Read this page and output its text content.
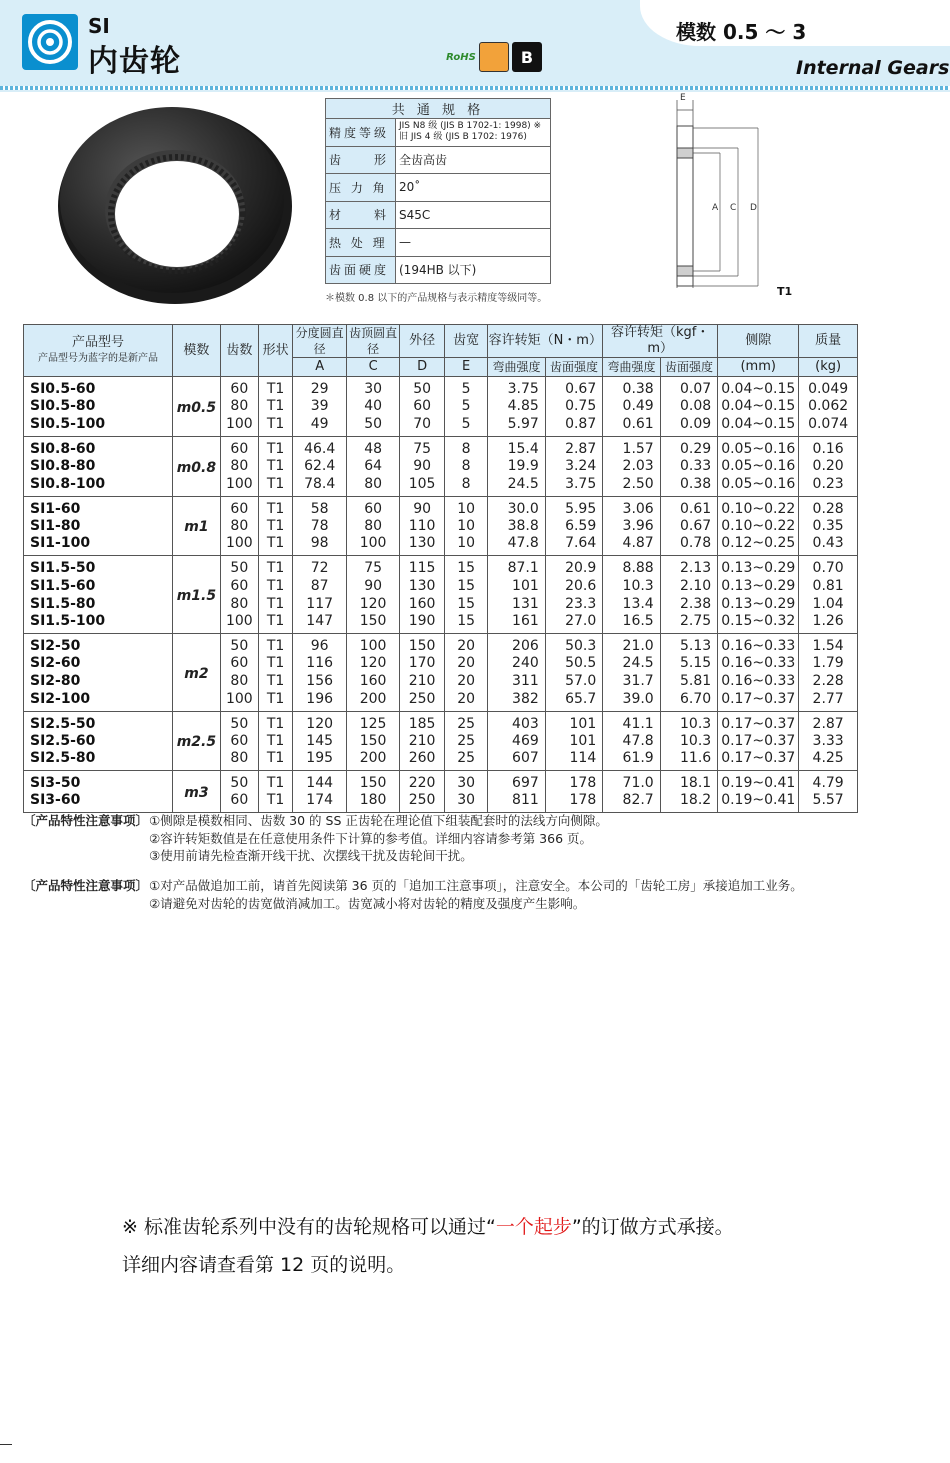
SI
内齿轮
模数 0.5 ～ 3
Internal Gears
RoHS	B
共 通 规 格	
精度等级	JIS N8 级 (JIS B 1702-1: 1998) ※
旧 JIS 4 级 (JIS B 1702: 1976)
齿　　形	全齿高齿
压 力 角	20˚
材　　料	S45C
热 处 理	—
齿面硬度	(194HB 以下)
＊模数 0.8 以下的产品规格与表示精度等级同等。
E
A C D
T1
产品型号
产品型号为蓝字的是新产品	模数	齿数	形状	分度圆直径	齿顶圆直径	外径	齿宽	容许转矩（N・m）		容许转矩（kgf・m）		侧隙	质量
				A	C	D	E	弯曲强度	齿面强度	弯曲强度	齿面强度	(mm)	(kg)
SI0.5-60	m0.5	60	T1	29	30	50	5	3.75	0.67	0.38	0.07	0.04~0.15	0.049
SI0.5-80		80	T1	39	40	60	5	4.85	0.75	0.49	0.08	0.04~0.15	0.062
SI0.5-100		100	T1	49	50	70	5	5.97	0.87	0.61	0.09	0.04~0.15	0.074
SI0.8-60	m0.8	60	T1	46.4	48	75	8	15.4	2.87	1.57	0.29	0.05~0.16	0.16
SI0.8-80		80	T1	62.4	64	90	8	19.9	3.24	2.03	0.33	0.05~0.16	0.20
SI0.8-100		100	T1	78.4	80	105	8	24.5	3.75	2.50	0.38	0.05~0.16	0.23
SI1-60	m1	60	T1	58	60	90	10	30.0	5.95	3.06	0.61	0.10~0.22	0.28
SI1-80		80	T1	78	80	110	10	38.8	6.59	3.96	0.67	0.10~0.22	0.35
SI1-100		100	T1	98	100	130	10	47.8	7.64	4.87	0.78	0.12~0.25	0.43
SI1.5-50	m1.5	50	T1	72	75	115	15	87.1	20.9	8.88	2.13	0.13~0.29	0.70
SI1.5-60		60	T1	87	90	130	15	101	20.6	10.3	2.10	0.13~0.29	0.81
SI1.5-80		80	T1	117	120	160	15	131	23.3	13.4	2.38	0.13~0.29	1.04
SI1.5-100		100	T1	147	150	190	15	161	27.0	16.5	2.75	0.15~0.32	1.26
SI2-50	m2	50	T1	96	100	150	20	206	50.3	21.0	5.13	0.16~0.33	1.54
SI2-60		60	T1	116	120	170	20	240	50.5	24.5	5.15	0.16~0.33	1.79
SI2-80		80	T1	156	160	210	20	311	57.0	31.7	5.81	0.16~0.33	2.28
SI2-100		100	T1	196	200	250	20	382	65.7	39.0	6.70	0.17~0.37	2.77
SI2.5-50	m2.5	50	T1	120	125	185	25	403	101	41.1	10.3	0.17~0.37	2.87
SI2.5-60		60	T1	145	150	210	25	469	101	47.8	10.3	0.17~0.37	3.33
SI2.5-80		80	T1	195	200	260	25	607	114	61.9	11.6	0.17~0.37	4.25
SI3-50	m3	50	T1	144	150	220	30	697	178	71.0	18.1	0.19~0.41	4.79
SI3-60		60	T1	174	180	250	30	811	178	82.7	18.2	0.19~0.41	5.57
〔产品特性注意事项〕 ①侧隙是模数相同、齿数 30 的 SS 正齿轮在理论值下组装配套时的法线方向侧隙。
②容许转矩数值是在任意使用条件下计算的参考值。详细内容请参考第 366 页。
③使用前请先检查渐开线干扰、次摆线干扰及齿轮间干扰。
〔产品特性注意事项〕 ①对产品做追加工前，请首先阅读第 36 页的「追加工注意事项」，注意安全。本公司的「齿轮工房」承接追加工业务。
②请避免对齿轮的齿宽做消减加工。齿宽减小将对齿轮的精度及强度产生影响。
※ 标准齿轮系列中没有的齿轮规格可以通过“一个起步”的订做方式承接。
详细内容请查看第 12 页的说明。
